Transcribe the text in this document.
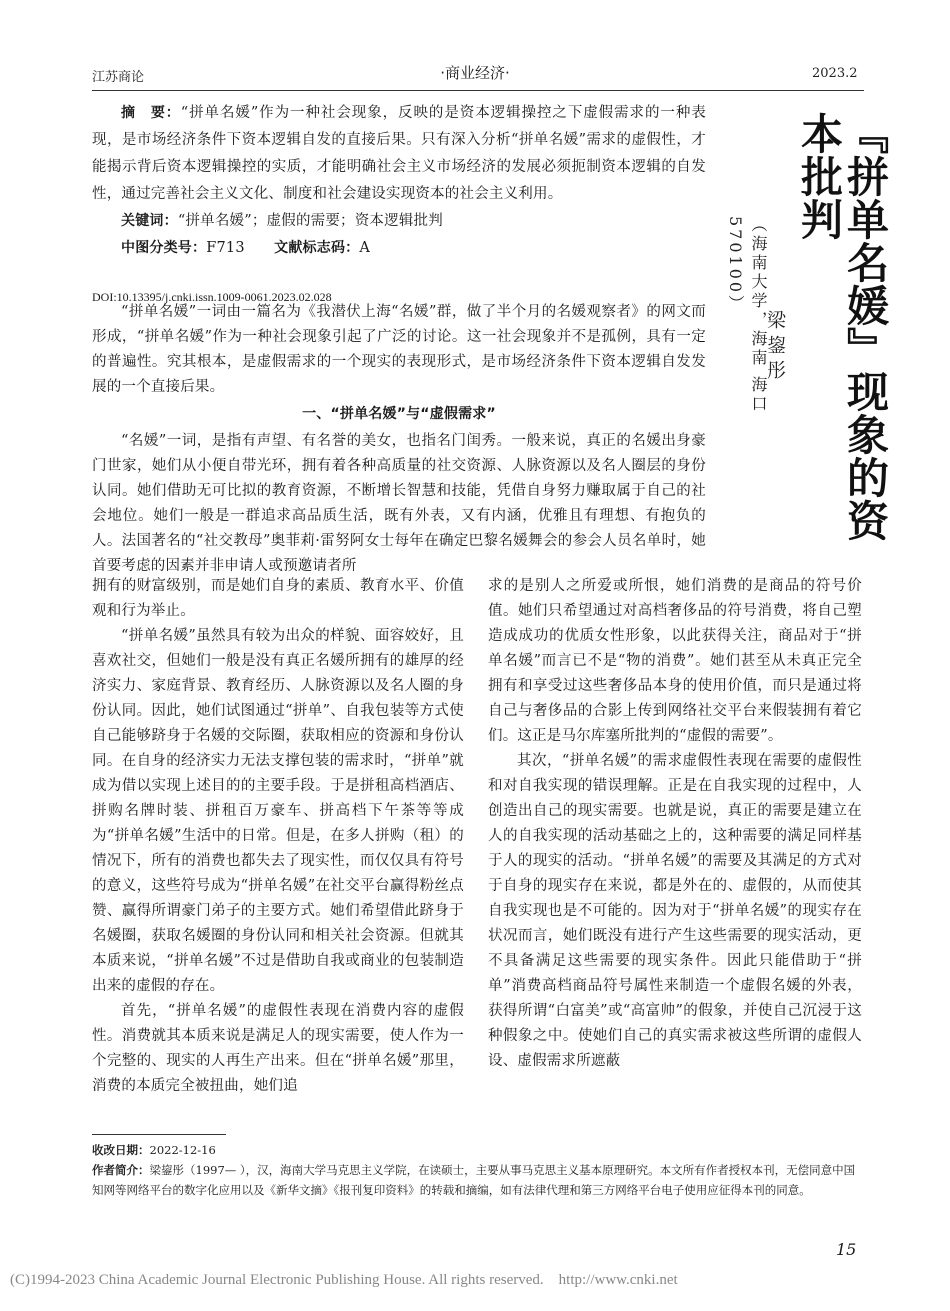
江苏商论	·商业经济·	2023.2
『拼单名媛』现象的资本批判
梁鋆彤
（海南大学，海南 海口 570100）

摘　要：“拼单名媛”作为一种社会现象，反映的是资本逻辑操控之下虚假需求的一种表现，是市场经济条件下资本逻辑自发的直接后果。只有深入分析“拼单名媛”需求的虚假性，才能揭示背后资本逻辑操控的实质，才能明确社会主义市场经济的发展必须扼制资本逻辑的自发性，通过完善社会主义文化、制度和社会建设实现资本的社会主义利用。

关键词：“拼单名媛”；虚假的需要；资本逻辑批判

中图分类号：F713　　 文献标志码：A

DOI:10.13395/j.cnki.issn.1009-0061.2023.02.028

“拼单名媛”一词由一篇名为《我潜伏上海“名媛”群，做了半个月的名媛观察者》的网文而形成，“拼单名媛”作为一种社会现象引起了广泛的讨论。这一社会现象并不是孤例，具有一定的普遍性。究其根本，是虚假需求的一个现实的表现形式，是市场经济条件下资本逻辑自发发展的一个直接后果。

一、“拼单名媛”与“虚假需求”

“名媛”一词，是指有声望、有名誉的美女，也指名门闺秀。一般来说，真正的名媛出身豪门世家，她们从小便自带光环，拥有着各种高质量的社交资源、人脉资源以及名人圈层的身份认同。她们借助无可比拟的教育资源，不断增长智慧和技能，凭借自身努力赚取属于自己的社会地位。她们一般是一群追求高品质生活，既有外表，又有内涵，优雅且有理想、有抱负的人。法国著名的“社交教母”奥菲莉·雷努阿女士每年在确定巴黎名媛舞会的参会人员名单时，她首要考虑的因素并非申请人或预邀请者所

拥有的财富级别，而是她们自身的素质、教育水平、价值观和行为举止。

“拼单名媛”虽然具有较为出众的样貌、面容姣好，且喜欢社交，但她们一般是没有真正名媛所拥有的雄厚的经济实力、家庭背景、教育经历、人脉资源以及名人圈的身份认同。因此，她们试图通过“拼单”、自我包装等方式使自己能够跻身于名媛的交际圈，获取相应的资源和身份认同。在自身的经济实力无法支撑包装的需求时，“拼单”就成为借以实现上述目的的主要手段。于是拼租高档酒店、拼购名牌时装、拼租百万豪车、拼高档下午茶等等成为“拼单名媛”生活中的日常。但是，在多人拼购（租）的情况下，所有的消费也都失去了现实性，而仅仅具有符号的意义，这些符号成为“拼单名媛”在社交平台赢得粉丝点赞、赢得所谓豪门弟子的主要方式。她们希望借此跻身于名媛圈，获取名媛圈的身份认同和相关社会资源。但就其本质来说，“拼单名媛”不过是借助自我或商业的包装制造出来的虚假的存在。

首先，“拼单名媛”的虚假性表现在消费内容的虚假性。消费就其本质来说是满足人的现实需要，使人作为一个完整的、现实的人再生产出来。但在“拼单名媛”那里，消费的本质完全被扭曲，她们追

求的是别人之所爱或所恨，她们消费的是商品的符号价值。她们只希望通过对高档奢侈品的符号消费，将自己塑造成成功的优质女性形象，以此获得关注，商品对于“拼单名媛”而言已不是“物的消费”。她们甚至从未真正完全拥有和享受过这些奢侈品本身的使用价值，而只是通过将自己与奢侈品的合影上传到网络社交平台来假装拥有着它们。这正是马尔库塞所批判的“虚假的需要”。

其次，“拼单名媛”的需求虚假性表现在需要的虚假性和对自我实现的错误理解。正是在自我实现的过程中，人创造出自己的现实需要。也就是说，真正的需要是建立在人的自我实现的活动基础之上的，这种需要的满足同样基于人的现实的活动。“拼单名媛”的需要及其满足的方式对于自身的现实存在来说，都是外在的、虚假的，从而使其自我实现也是不可能的。因为对于“拼单名媛”的现实存在状况而言，她们既没有进行产生这些需要的现实活动，更不具备满足这些需要的现实条件。因此只能借助于“拼单”消费高档商品符号属性来制造一个虚假名媛的外表，获得所谓“白富美”或“高富帅”的假象，并使自己沉浸于这种假象之中。使她们自己的真实需求被这些所谓的虚假人设、虚假需求所遮蔽

收改日期：2022-12-16
作者简介：梁鋆彤（1997— ），汉，海南大学马克思主义学院，在读硕士，主要从事马克思主义基本原理研究。本文所有作者授权本刊，无偿同意中国知网等网络平台的数字化应用以及《新华文摘》《报刊复印资料》的转载和摘编，如有法律代理和第三方网络平台电子使用应征得本刊的同意。
15
(C)1994-2023 China Academic Journal Electronic Publishing House. All rights reserved.　http://www.cnki.net
